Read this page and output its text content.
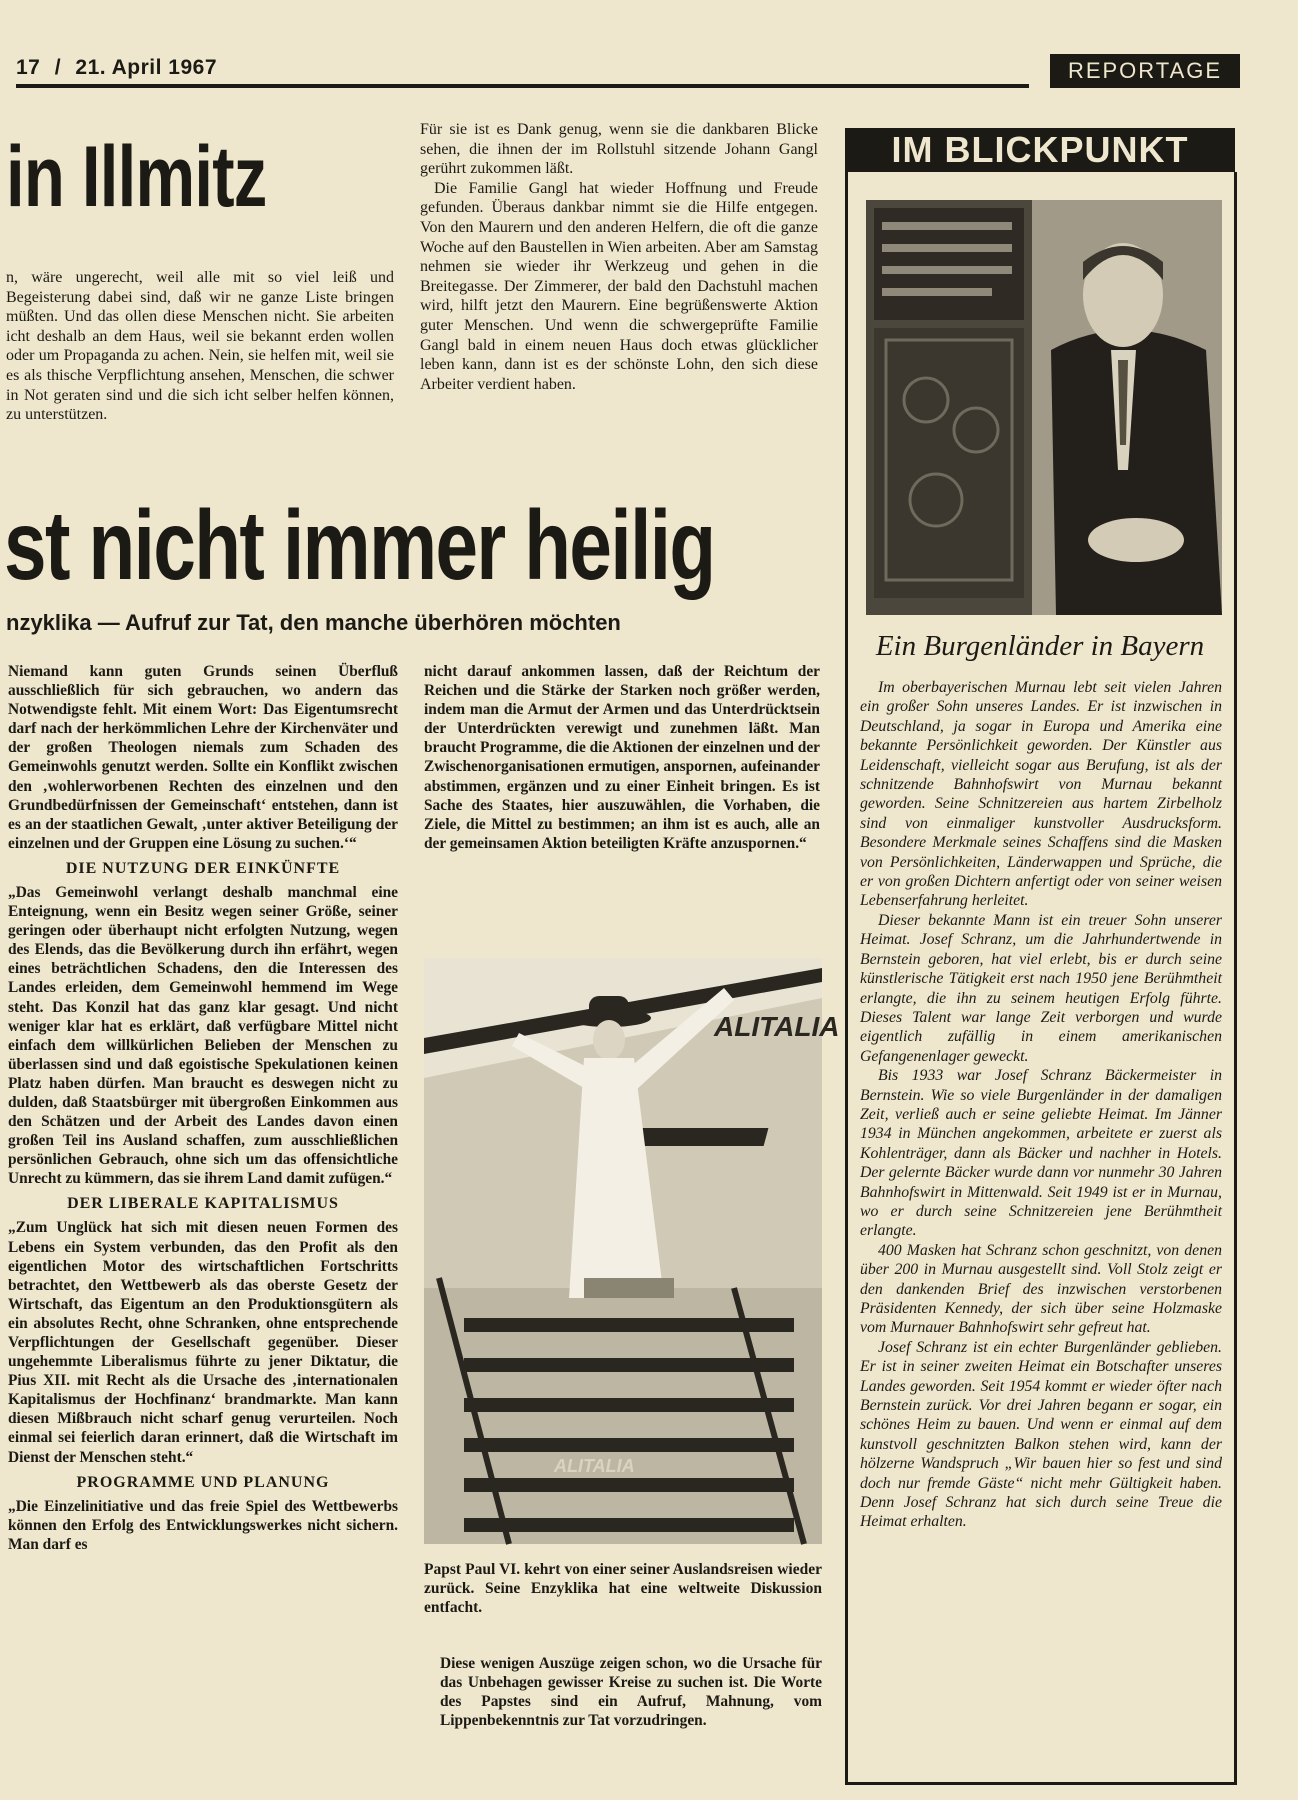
17 / 21. April 1967	REPORTAGE
in Illmitz

n, wäre ungerecht, weil alle mit so viel leiß und Begeisterung dabei sind, daß wir ne ganze Liste bringen müßten. Und das ollen diese Menschen nicht. Sie arbeiten icht deshalb an dem Haus, weil sie bekannt erden wollen oder um Propaganda zu achen. Nein, sie helfen mit, weil sie es als thische Verpflichtung ansehen, Menschen, die schwer in Not geraten sind und die sich icht selber helfen können, zu unterstützen.

Für sie ist es Dank genug, wenn sie die dankbaren Blicke sehen, die ihnen der im Rollstuhl sitzende Johann Gangl gerührt zukommen läßt.

Die Familie Gangl hat wieder Hoffnung und Freude gefunden. Überaus dankbar nimmt sie die Hilfe entgegen. Von den Maurern und den anderen Helfern, die oft die ganze Woche auf den Baustellen in Wien arbeiten. Aber am Samstag nehmen sie wieder ihr Werkzeug und gehen in die Breitegasse. Der Zimmerer, der bald den Dachstuhl machen wird, hilft jetzt den Maurern. Eine begrüßenswerte Aktion guter Menschen. Und wenn die schwergeprüfte Familie Gangl bald in einem neuen Haus doch etwas glücklicher leben kann, dann ist es der schönste Lohn, den sich diese Arbeiter verdient haben.

st nicht immer heilig
nzyklika — Aufruf zur Tat, den manche überhören möchten

Niemand kann guten Grunds seinen Überfluß ausschließlich für sich gebrauchen, wo andern das Notwendigste fehlt. Mit einem Wort: Das Eigentumsrecht darf nach der herkömmlichen Lehre der Kirchenväter und der großen Theologen niemals zum Schaden des Gemeinwohls genutzt werden. Sollte ein Konflikt zwischen den ‚wohlerworbenen Rechten des einzelnen und den Grundbedürfnissen der Gemeinschaft‘ entstehen, dann ist es an der staatlichen Gewalt, ‚unter aktiver Beteiligung der einzelnen und der Gruppen eine Lösung zu suchen.‘“

DIE NUTZUNG DER EINKÜNFTE

„Das Gemeinwohl verlangt deshalb manchmal eine Enteignung, wenn ein Besitz wegen seiner Größe, seiner geringen oder überhaupt nicht erfolgten Nutzung, wegen des Elends, das die Bevölkerung durch ihn erfährt, wegen eines beträchtlichen Schadens, den die Interessen des Landes erleiden, dem Gemeinwohl hemmend im Wege steht. Das Konzil hat das ganz klar gesagt. Und nicht weniger klar hat es erklärt, daß verfügbare Mittel nicht einfach dem willkürlichen Belieben der Menschen zu überlassen sind und daß egoistische Spekulationen keinen Platz haben dürfen. Man braucht es deswegen nicht zu dulden, daß Staatsbürger mit übergroßen Einkommen aus den Schätzen und der Arbeit des Landes davon einen großen Teil ins Ausland schaffen, zum ausschließlichen persönlichen Gebrauch, ohne sich um das offensichtliche Unrecht zu kümmern, das sie ihrem Land damit zufügen.“

DER LIBERALE KAPITALISMUS

„Zum Unglück hat sich mit diesen neuen Formen des Lebens ein System verbunden, das den Profit als den eigentlichen Motor des wirtschaftlichen Fortschritts betrachtet, den Wettbewerb als das oberste Gesetz der Wirtschaft, das Eigentum an den Produktionsgütern als ein absolutes Recht, ohne Schranken, ohne entsprechende Verpflichtungen der Gesellschaft gegenüber. Dieser ungehemmte Liberalismus führte zu jener Diktatur, die Pius XII. mit Recht als die Ursache des ‚internationalen Kapitalismus der Hochfinanz‘ brandmarkte. Man kann diesen Mißbrauch nicht scharf genug verurteilen. Noch einmal sei feierlich daran erinnert, daß die Wirtschaft im Dienst der Menschen steht.“

PROGRAMME UND PLANUNG

„Die Einzelinitiative und das freie Spiel des Wettbewerbs können den Erfolg des Entwicklungswerkes nicht sichern. Man darf es

nicht darauf ankommen lassen, daß der Reichtum der Reichen und die Stärke der Starken noch größer werden, indem man die Armut der Armen und das Unterdrücktsein der Unterdrückten verewigt und zunehmen läßt. Man braucht Programme, die die Aktionen der einzelnen und der Zwischenorganisationen ermutigen, anspornen, aufeinander abstimmen, ergänzen und zu einer Einheit bringen. Es ist Sache des Staates, hier auszuwählen, die Vorhaben, die Ziele, die Mittel zu bestimmen; an ihm ist es auch, alle an der gemeinsamen Aktion beteiligten Kräfte anzuspornen.“

ALITALIA
ALITALIA

Papst Paul VI. kehrt von einer seiner Auslandsreisen wieder zurück. Seine Enzyklika hat eine weltweite Diskussion entfacht.

Diese wenigen Auszüge zeigen schon, wo die Ursache für das Unbehagen gewisser Kreise zu suchen ist. Die Worte des Papstes sind ein Aufruf, Mahnung, vom Lippenbekenntnis zur Tat vorzudringen.

IM BLICKPUNKT
Ein Burgenländer in Bayern

Im oberbayerischen Murnau lebt seit vielen Jahren ein großer Sohn unseres Landes. Er ist inzwischen in Deutschland, ja sogar in Europa und Amerika eine bekannte Persönlichkeit geworden. Der Künstler aus Leidenschaft, vielleicht sogar aus Berufung, ist als der schnitzende Bahnhofswirt von Murnau bekannt geworden. Seine Schnitzereien aus hartem Zirbelholz sind von einmaliger kunstvoller Ausdrucksform. Besondere Merkmale seines Schaffens sind die Masken von Persönlichkeiten, Länderwappen und Sprüche, die er von großen Dichtern anfertigt oder von seiner weisen Lebenserfahrung herleitet.

Dieser bekannte Mann ist ein treuer Sohn unserer Heimat. Josef Schranz, um die Jahrhundertwende in Bernstein geboren, hat viel erlebt, bis er durch seine künstlerische Tätigkeit erst nach 1950 jene Berühmtheit erlangte, die ihn zu seinem heutigen Erfolg führte. Dieses Talent war lange Zeit verborgen und wurde eigentlich zufällig in einem amerikanischen Gefangenenlager geweckt.

Bis 1933 war Josef Schranz Bäckermeister in Bernstein. Wie so viele Burgenländer in der damaligen Zeit, verließ auch er seine geliebte Heimat. Im Jänner 1934 in München angekommen, arbeitete er zuerst als Kohlenträger, dann als Bäcker und nachher in Hotels. Der gelernte Bäcker wurde dann vor nunmehr 30 Jahren Bahnhofswirt in Mittenwald. Seit 1949 ist er in Murnau, wo er durch seine Schnitzereien jene Berühmtheit erlangte.

400 Masken hat Schranz schon geschnitzt, von denen über 200 in Murnau ausgestellt sind. Voll Stolz zeigt er den dankenden Brief des inzwischen verstorbenen Präsidenten Kennedy, der sich über seine Holzmaske vom Murnauer Bahnhofswirt sehr gefreut hat.

Josef Schranz ist ein echter Burgenländer geblieben. Er ist in seiner zweiten Heimat ein Botschafter unseres Landes geworden. Seit 1954 kommt er wieder öfter nach Bernstein zurück. Vor drei Jahren begann er sogar, ein schönes Heim zu bauen. Und wenn er einmal auf dem kunstvoll geschnitzten Balkon stehen wird, kann der hölzerne Wandspruch „Wir bauen hier so fest und sind doch nur fremde Gäste“ nicht mehr Gültigkeit haben. Denn Josef Schranz hat sich durch seine Treue die Heimat erhalten.
